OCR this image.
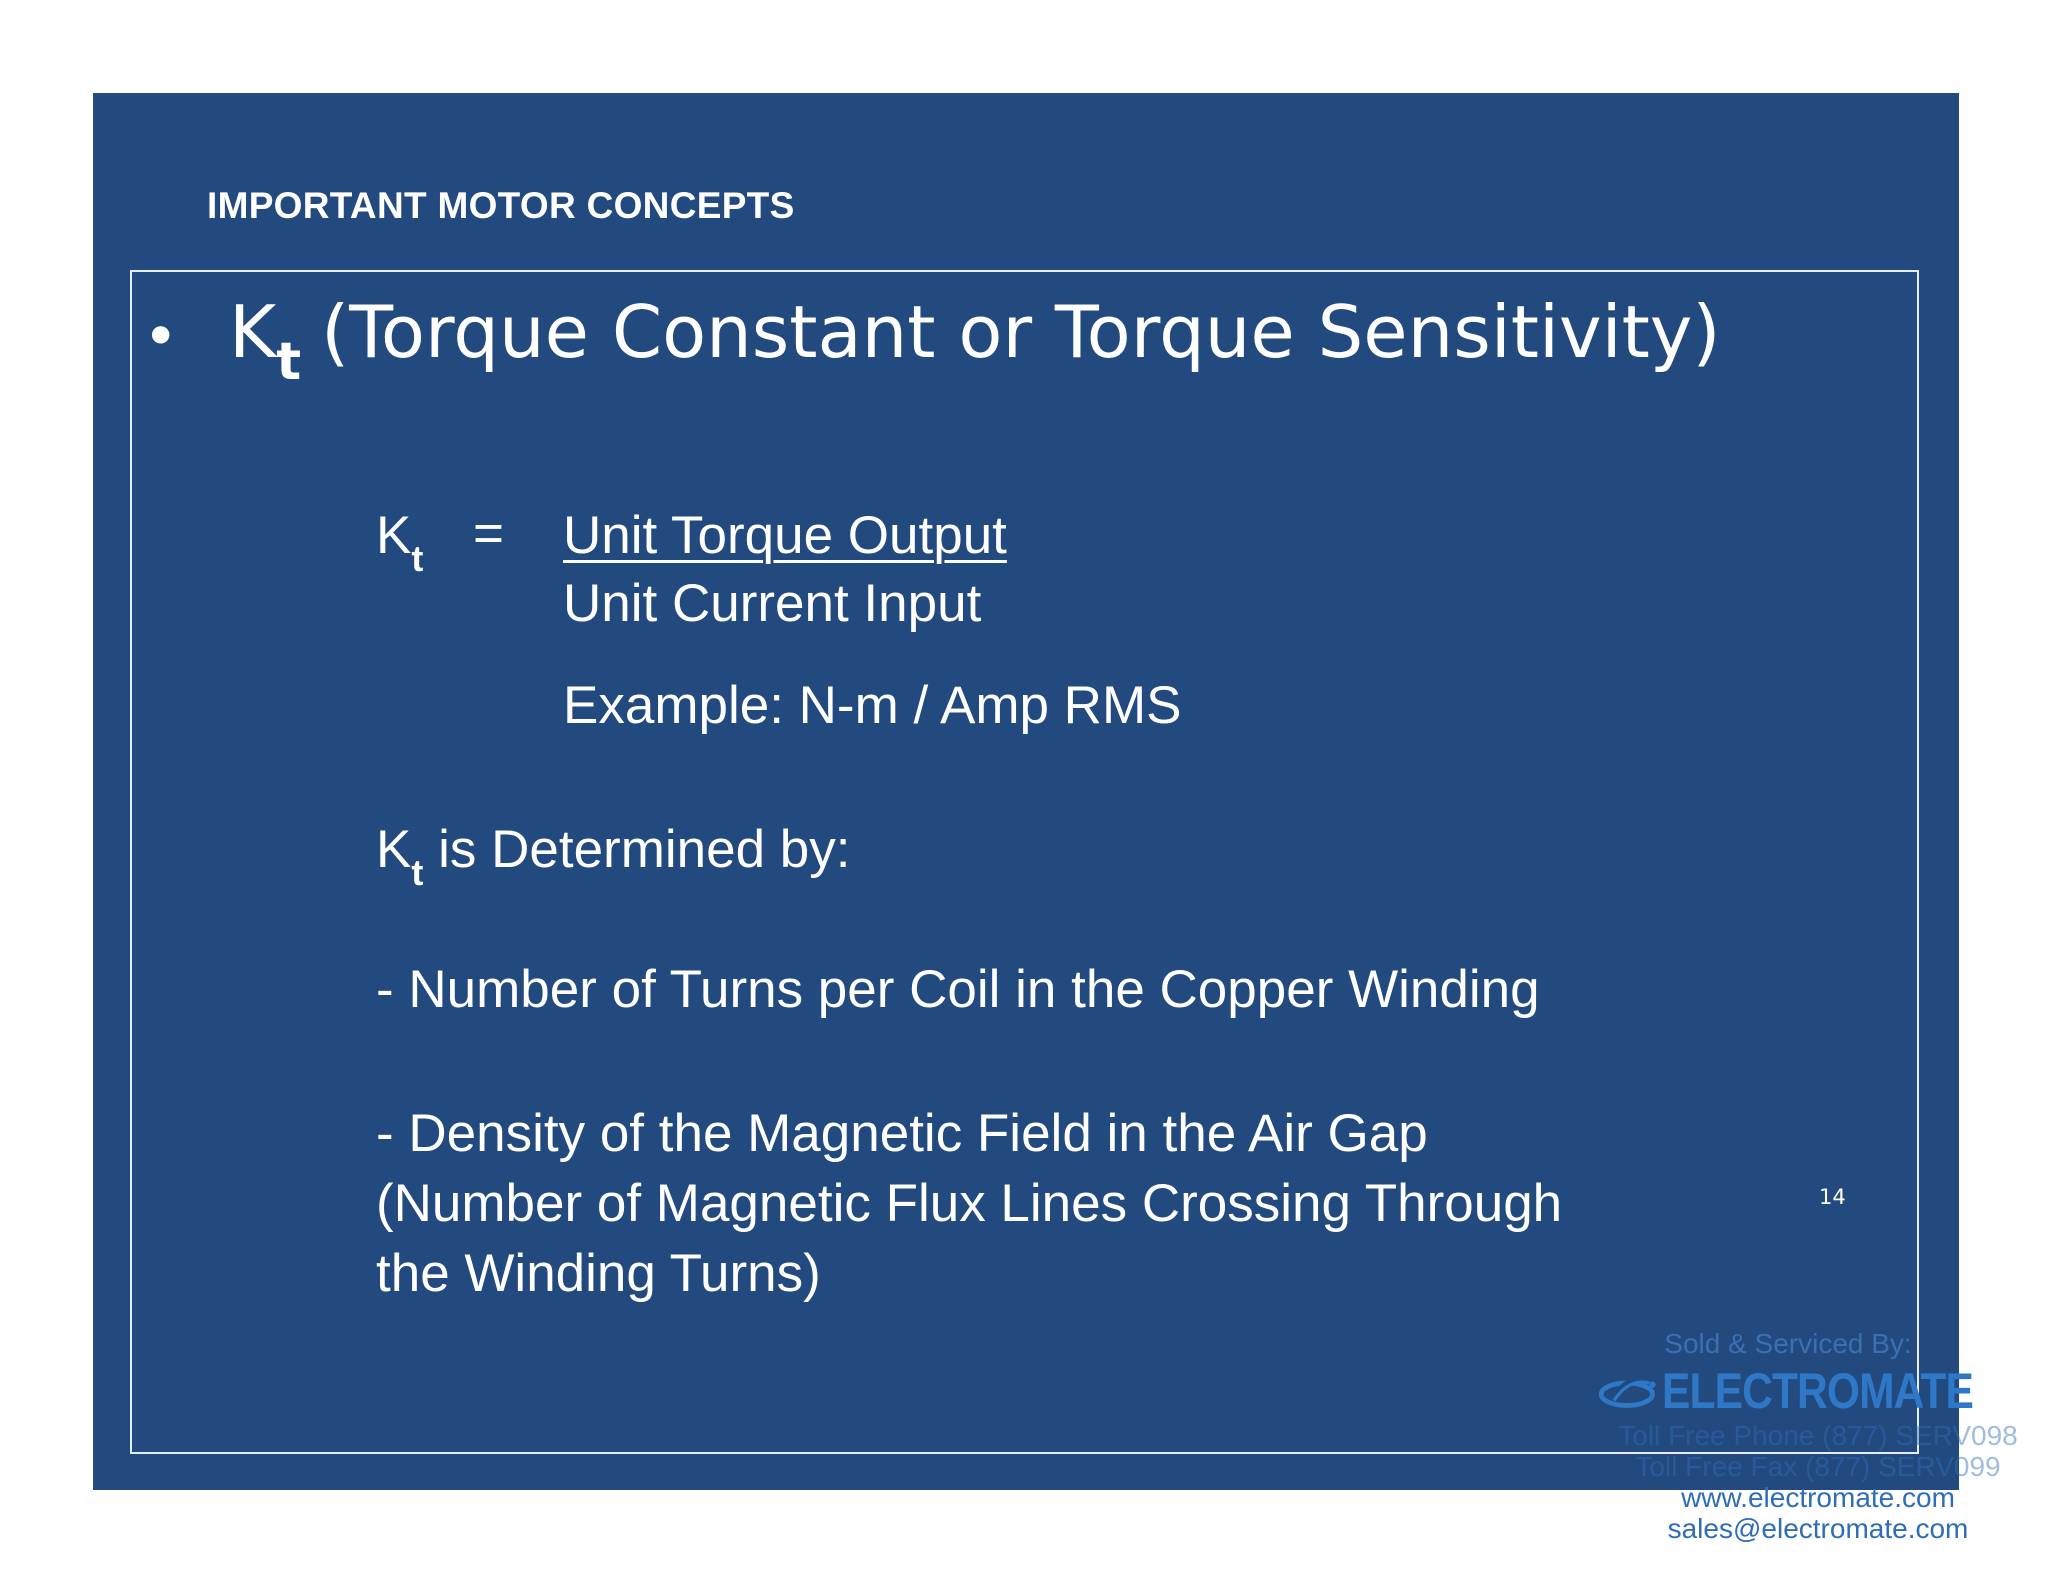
IMPORTANT MOTOR CONCEPTS
• K t (Torque Constant or Torque Sensitivity)
$K_t$ = Unit Torque Output
Unit Current Input
Example: N-m / Amp RMS
$K_t$ is Determined by:
- Number of Turns per Coil in the Copper Winding
- Density of the Magnetic Field in the Air Gap
(Number of Magnetic Flux Lines Crossing Through
the Winding Turns)
14
Sold & Serviced By:
ELECTROMATE
Toll Free Phone (877) SERV098
Toll Free Fax (877) SERV099
www.electromate.com
sales@electromate.com
